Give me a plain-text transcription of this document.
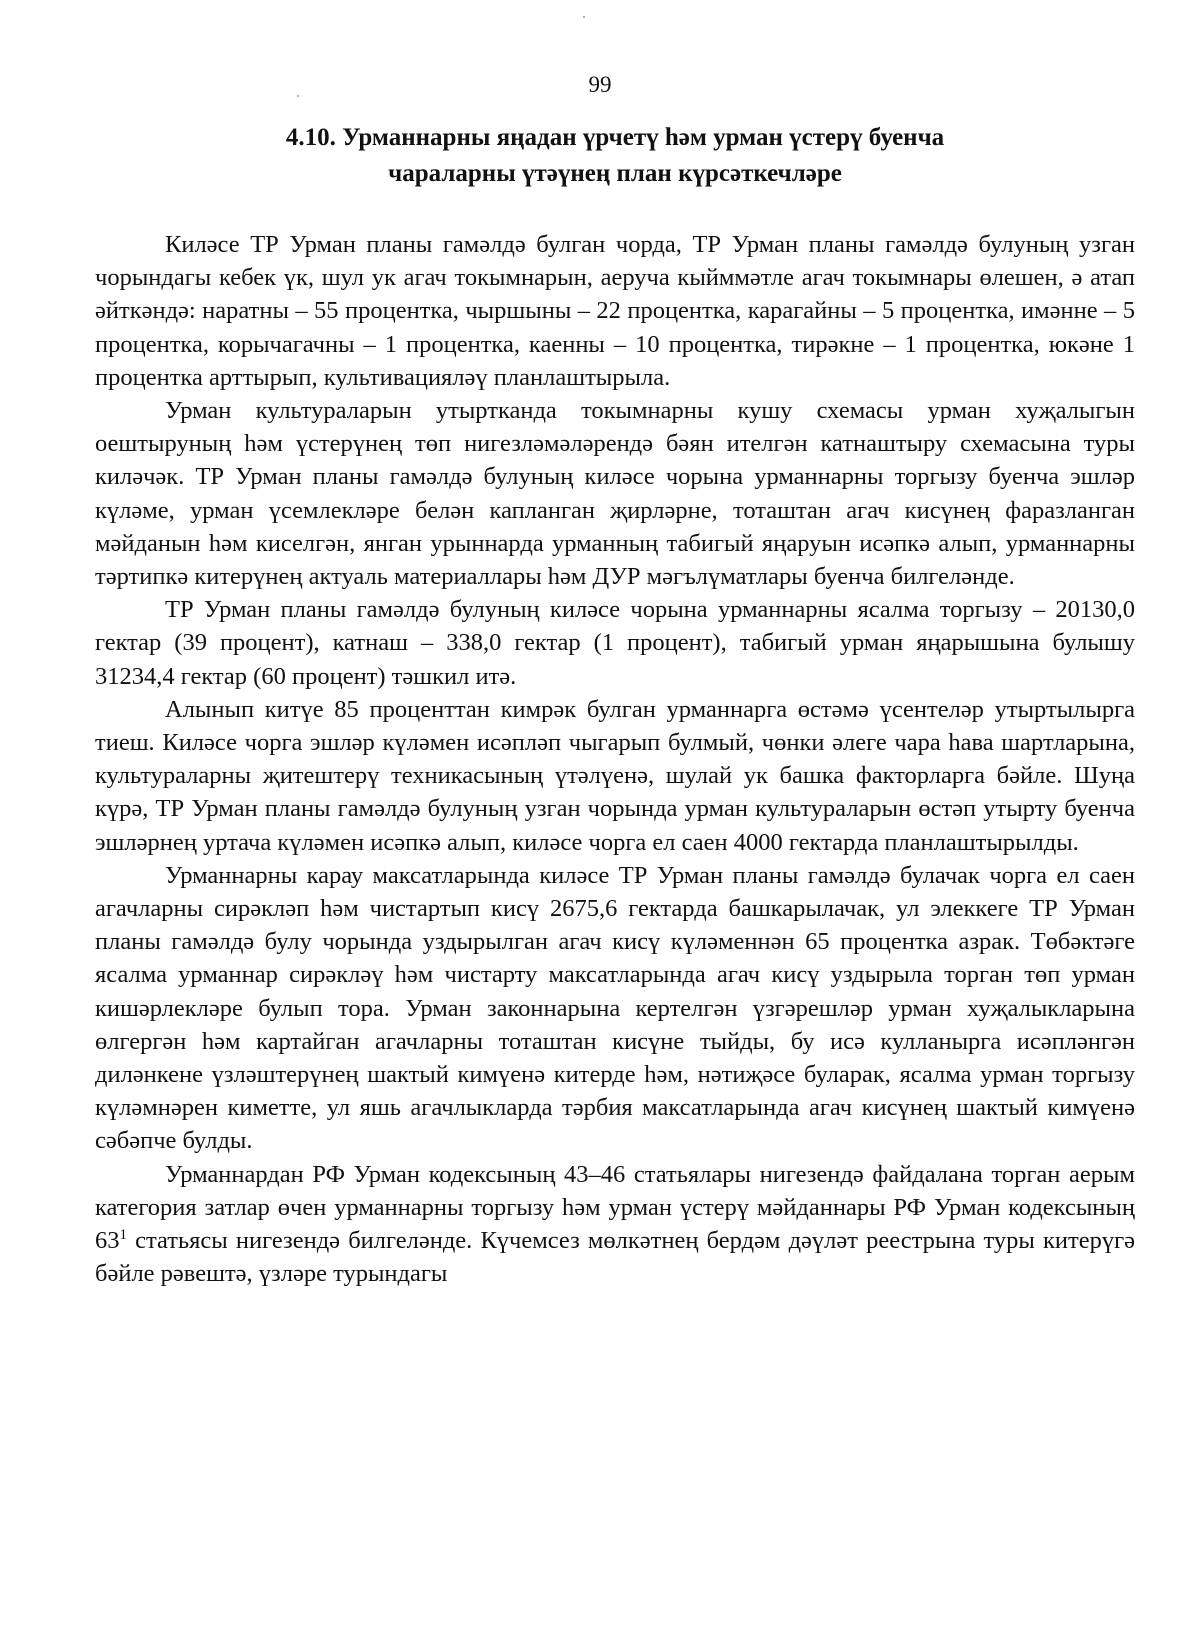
99
4.10. Урманнарны яңадан үрчетү һәм урман үстерү буенча
чараларны үтәүнең план күрсәткечләре

Киләсе ТР Урман планы гамәлдә булган чорда, ТР Урман планы гамәлдә булуның узган чорындагы кебек үк, шул ук агач токымнарын, аеруча кыйммәтле агач токымнары өлешен, ә атап әйткәндә: наратны – 55 процентка, чыршыны – 22 процентка, карагайны – 5 процентка, имәнне – 5 процентка, корычагачны – 1 процентка, каенны – 10 процентка, тирәкне – 1 процентка, юкәне 1 процентка арттырып, культивацияләү планлаштырыла.

Урман культураларын утыртканда токымнарны кушу схемасы урман хуҗалыгын оештыруның һәм үстерүнең төп нигезләмәләрендә бәян ителгән катнаштыру схемасына туры киләчәк. ТР Урман планы гамәлдә булуның киләсе чорына урманнарны торгызу буенча эшләр күләме, урман үсемлекләре белән капланган җирләрне, тоташтан агач кисүнең фаразланган мәйданын һәм киселгән, янган урыннарда урманның табигый яңаруын исәпкә алып, урманнарны тәртипкә китерүнең актуаль материаллары һәм ДУР мәгълүматлары буенча билгеләнде.

ТР Урман планы гамәлдә булуның киләсе чорына урманнарны ясалма торгызу – 20130,0 гектар (39 процент), катнаш – 338,0 гектар (1 процент), табигый урман яңарышына булышу 31234,4 гектар (60 процент) тәшкил итә.

Алынып китүе 85 проценттан кимрәк булган урманнарга өстәмә үсентеләр утыртылырга тиеш. Киләсе чорга эшләр күләмен исәпләп чыгарып булмый, чөнки әлеге чара һава шартларына, культураларны җитештерү техникасының үтәлүенә, шулай ук башка факторларга бәйле. Шуңа күрә, ТР Урман планы гамәлдә булуның узган чорында урман культураларын өстәп утырту буенча эшләрнең уртача күләмен исәпкә алып, киләсе чорга ел саен 4000 гектарда планлаштырылды.

Урманнарны карау максатларында киләсе ТР Урман планы гамәлдә булачак чорга ел саен агачларны сирәкләп һәм чистартып кисү 2675,6 гектарда башкарылачак, ул элеккеге ТР Урман планы гамәлдә булу чорында уздырылган агач кисү күләменнән 65 процентка азрак. Төбәктәге ясалма урманнар сирәкләү һәм чистарту максатларында агач кисү уздырыла торган төп урман кишәрлекләре булып тора. Урман законнарына кертелгән үзгәрешләр урман хуҗалыкларына өлгергән һәм картайган агачларны тоташтан кисүне тыйды, бу исә кулланырга исәпләнгән диләнкене үзләштерүнең шактый кимүенә китерде һәм, нәтиҗәсе буларак, ясалма урман торгызу күләмнәрен киметте, ул яшь агачлыкларда тәрбия максатларында агач кисүнең шактый кимүенә сәбәпче булды.

Урманнардан РФ Урман кодексының 43–46 статьялары нигезендә файдалана торган аерым категория затлар өчен урманнарны торгызу һәм урман үстерү мәйданнары РФ Урман кодексының $63^1$ статьясы нигезендә билгеләнде. Күчемсез мөлкәтнең бердәм дәүләт реестрына туры китерүгә бәйле рәвештә, үзләре турындагы
